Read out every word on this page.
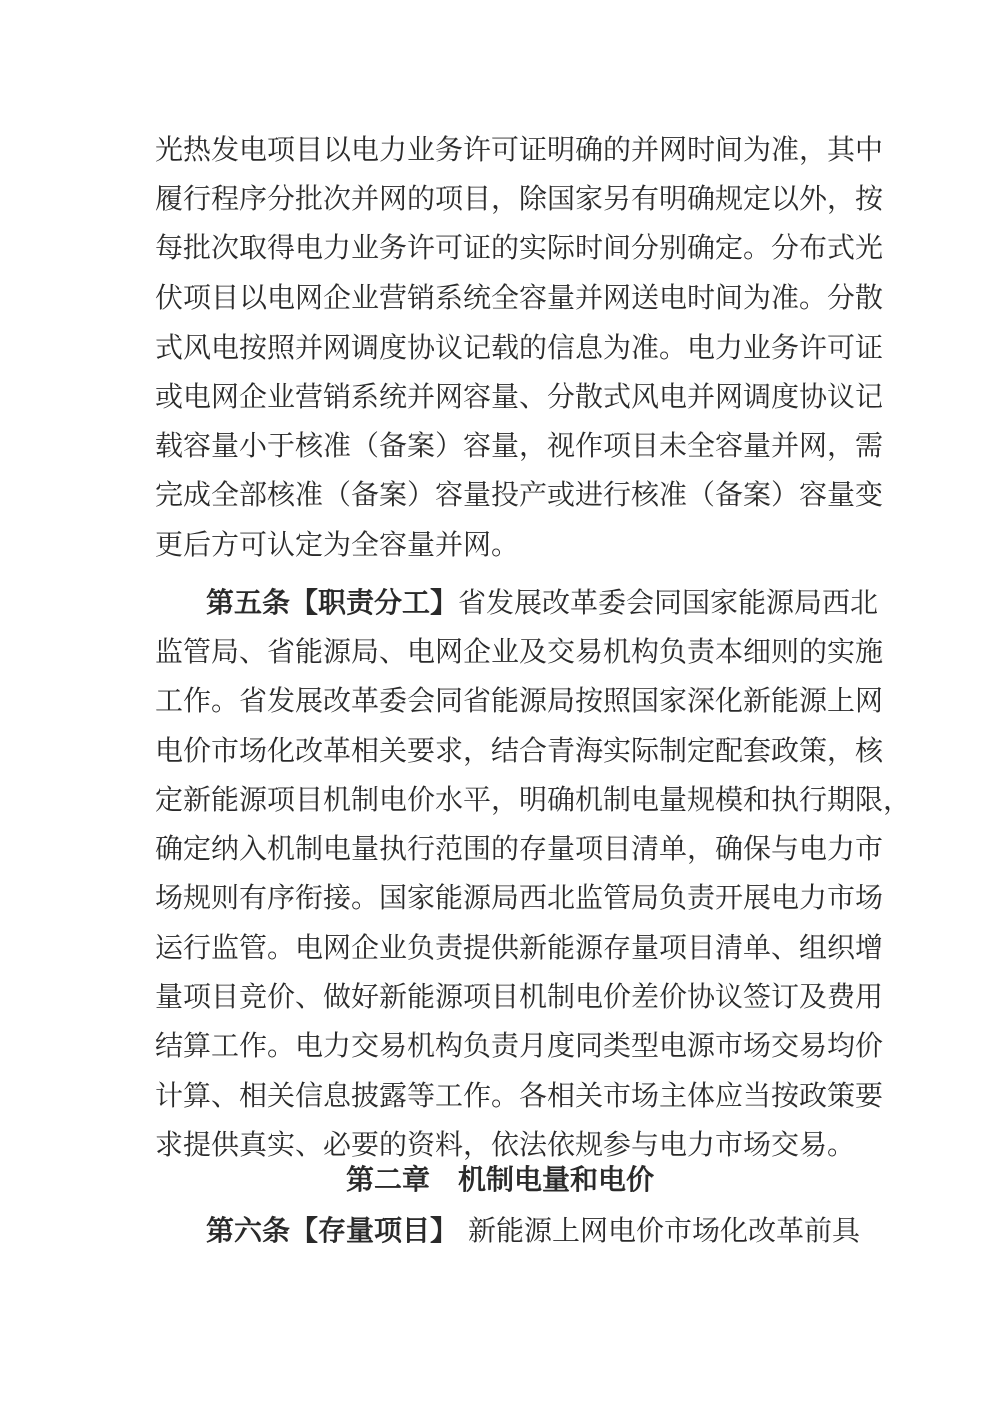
光热发电项目以电力业务许可证明确的并网时间为准，其中
履行程序分批次并网的项目，除国家另有明确规定以外，按
每批次取得电力业务许可证的实际时间分别确定。分布式光
伏项目以电网企业营销系统全容量并网送电时间为准。分散
式风电按照并网调度协议记载的信息为准。电力业务许可证
或电网企业营销系统并网容量、分散式风电并网调度协议记
载容量小于核准（备案）容量，视作项目未全容量并网，需
完成全部核准（备案）容量投产或进行核准（备案）容量变
更后方可认定为全容量并网。
第五条【职责分工】省发展改革委会同国家能源局西北
监管局、省能源局、电网企业及交易机构负责本细则的实施
工作。省发展改革委会同省能源局按照国家深化新能源上网
电价市场化改革相关要求，结合青海实际制定配套政策，核
定新能源项目机制电价水平，明确机制电量规模和执行期限，
确定纳入机制电量执行范围的存量项目清单，确保与电力市
场规则有序衔接。国家能源局西北监管局负责开展电力市场
运行监管。电网企业负责提供新能源存量项目清单、组织增
量项目竞价、做好新能源项目机制电价差价协议签订及费用
结算工作。电力交易机构负责月度同类型电源市场交易均价
计算、相关信息披露等工作。各相关市场主体应当按政策要
求提供真实、必要的资料，依法依规参与电力市场交易。
第二章　机制电量和电价
第六条【存量项目】 新能源上网电价市场化改革前具
